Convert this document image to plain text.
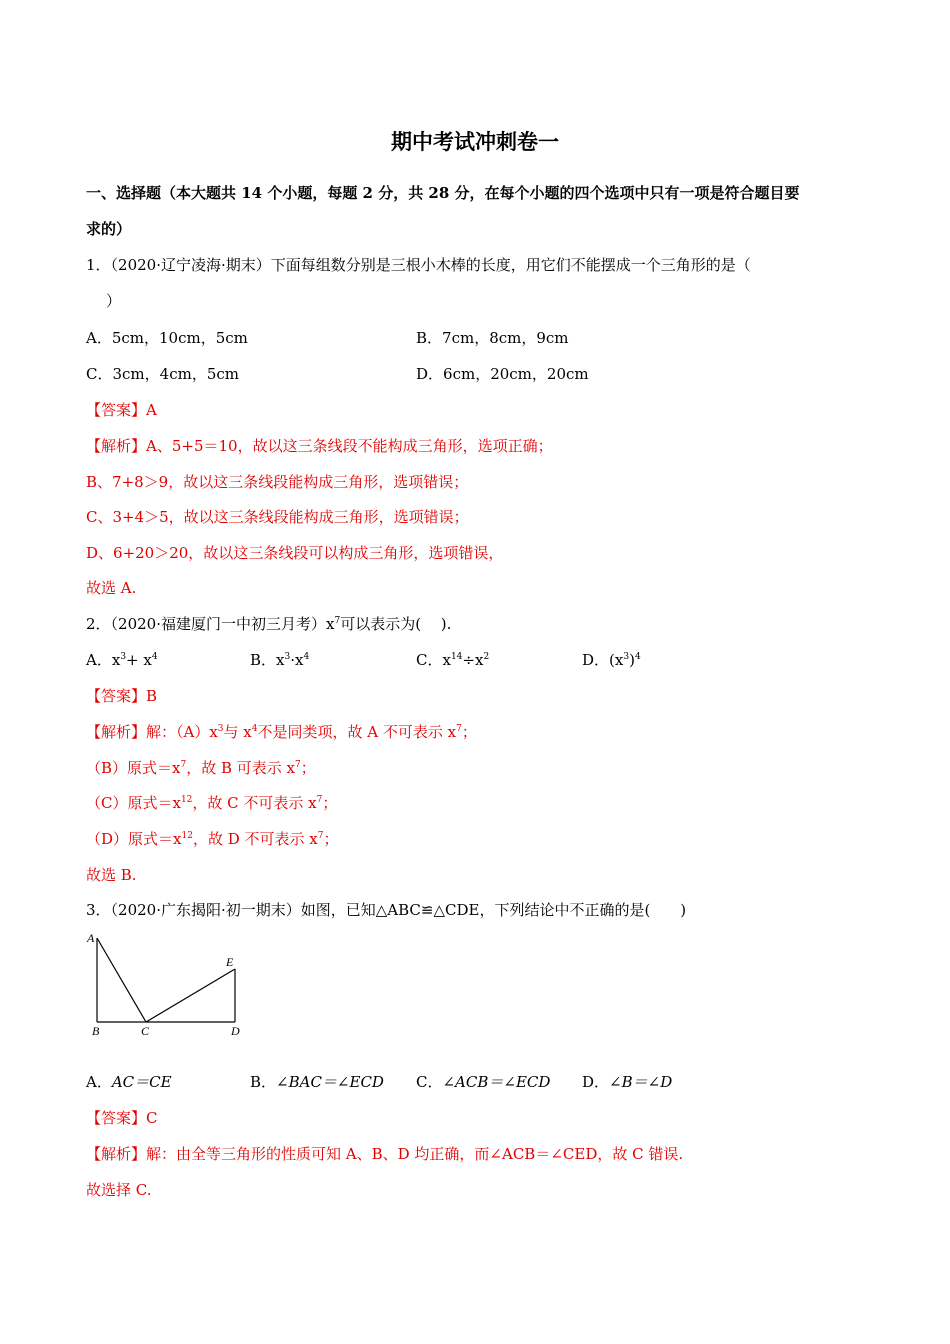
期中考试冲刺卷一
一、选择题（本大题共 14 个小题，每题 2 分，共 28 分，在每个小题的四个选项中只有一项是符合题目要
求的）
1．（2020·辽宁凌海·期末）下面每组数分别是三根小木棒的长度，用它们不能摆成一个三角形的是（
）
A．5cm，10cm，5cm	B．7cm，8cm，9cm
C．3cm，4cm，5cm	D．6cm，20cm，20cm
【答案】A
【解析】A、5+5＝10，故以这三条线段不能构成三角形，选项正确；
B、7+8＞9，故以这三条线段能构成三角形，选项错误；
C、3+4＞5，故以这三条线段能构成三角形，选项错误；
D、6+20＞20，故以这三条线段可以构成三角形，选项错误，
故选 A.
2．（2020·福建厦门一中初三月考）$x^7$可以表示为(　 ).
A．$x^3+ x^4$	B．$x^3\cdot x^4$	C．$x^{14}\div x^2$	D．$(x^3)^4$
【答案】B
【解析】解：$(A)x^3$与 $x^4$不是同类项，故 A 不可表示 $x^7$；
（B）原式$=x^7$，故 B 可表示 $x^7$；
（C）原式$=x^{12}$，故 C 不可表示 $x^7$；
（D）原式$=x^{12}$，故 D 不可表示 $x^7$；
故选 B.
3．（2020·广东揭阳·初一期末）如图，已知△ABC≌△CDE，下列结论中不正确的是(　　)
A
B	C	D
E
A．AC＝CE	B．∠BAC＝∠ECD C．∠ACB＝∠ECD D．∠B＝∠D
【答案】C
【解析】解：由全等三角形的性质可知 A、B、D 均正确，而∠ACB＝∠CED，故 C 错误.
故选择 C.
